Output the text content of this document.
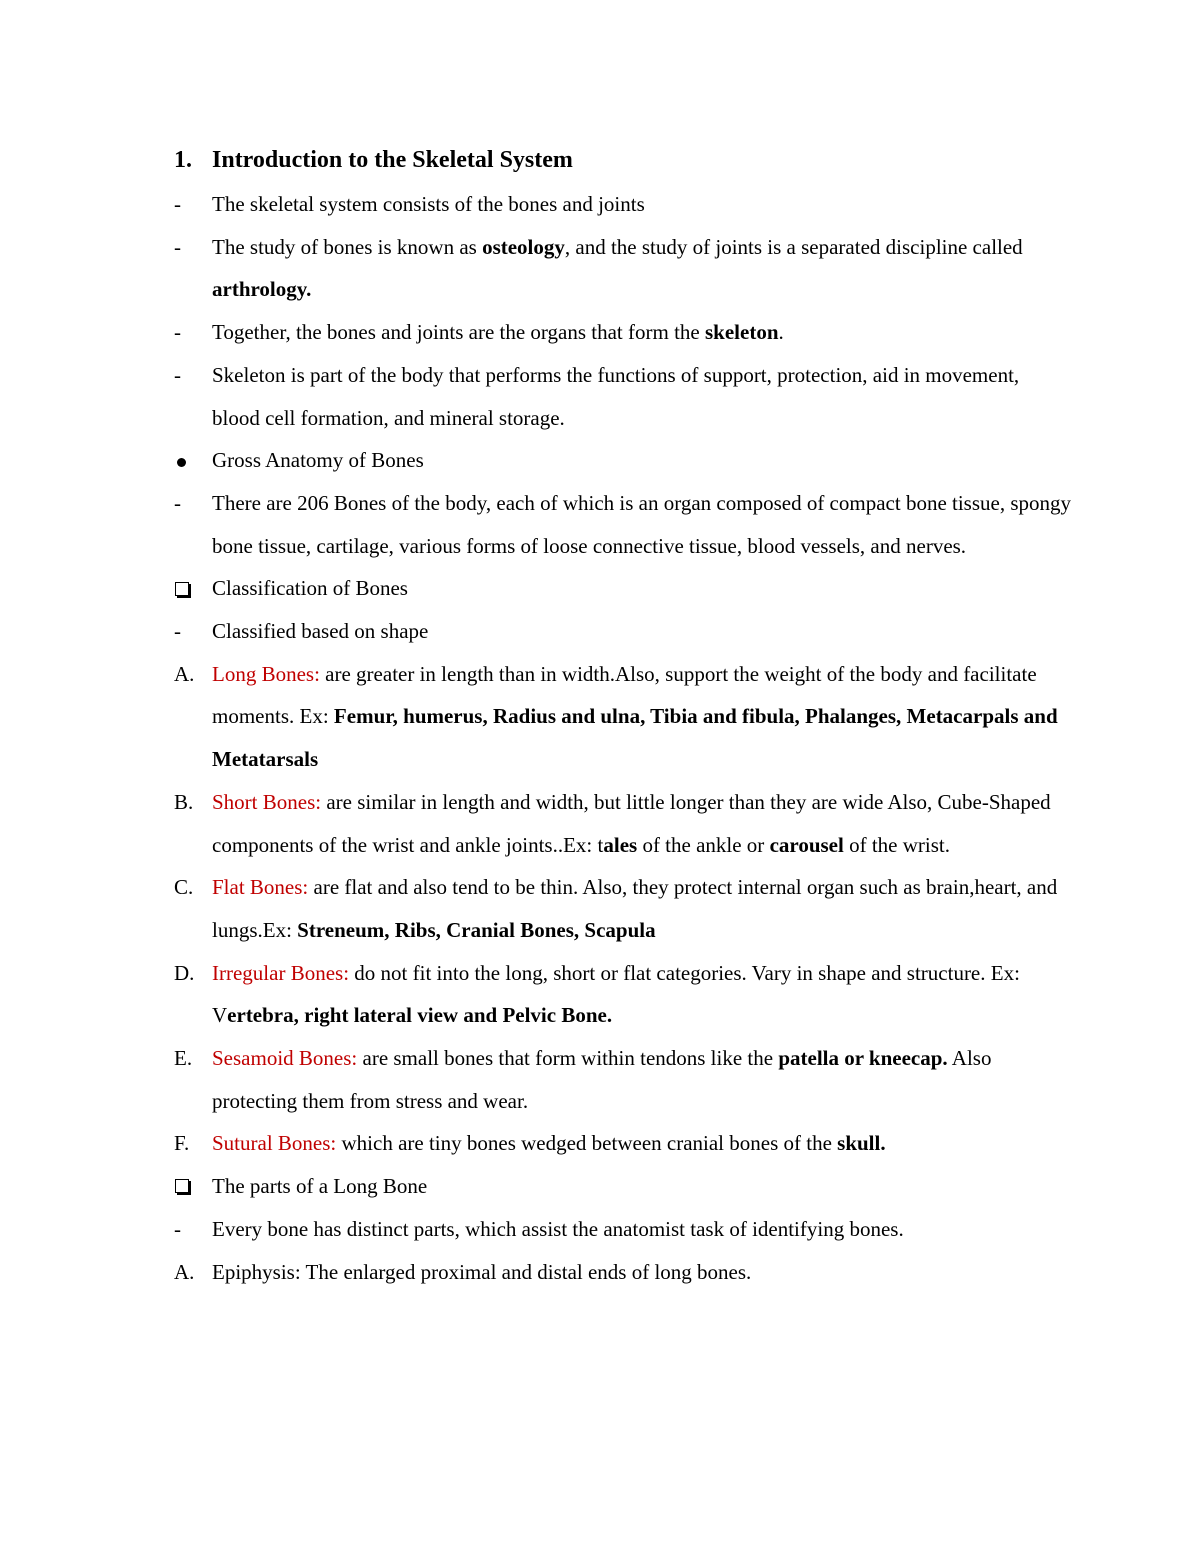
1. Introduction to the Skeletal System
-	The skeletal system consists of the bones and joints
-	The study of bones is known as osteology, and the study of joints is a separated discipline called arthrology.
-	Together, the bones and joints are the organs that form the skeleton.
-	Skeleton is part of the body that performs the functions of support, protection, aid in movement, blood cell formation, and mineral storage.
Gross Anatomy of Bones
-	There are 206 Bones of the body, each of which is an organ composed of compact bone tissue, spongy bone tissue, cartilage, various forms of loose connective tissue, blood vessels, and nerves.
Classification of Bones
-	Classified based on shape
A. Long Bones: are greater in length than in width.Also, support the weight of the body and facilitate moments. Ex: Femur, humerus, Radius and ulna, Tibia and fibula, Phalanges, Metacarpals and Metatarsals
B. Short Bones: are similar in length and width, but little longer than they are wide Also, Cube-Shaped components of the wrist and ankle joints..Ex: tales of the ankle or carousel of the wrist.
C. Flat Bones: are flat and also tend to be thin. Also, they protect internal organ such as brain,heart, and lungs.Ex: Streneum, Ribs, Cranial Bones, Scapula
D. Irregular Bones: do not fit into the long, short or flat categories. Vary in shape and structure. Ex: Vertebra, right lateral view and Pelvic Bone.
E. Sesamoid Bones: are small bones that form within tendons like the patella or kneecap. Also protecting them from stress and wear.
F.	Sutural Bones: which are tiny bones wedged between cranial bones of the skull.
The parts of a Long Bone
-	Every bone has distinct parts, which assist the anatomist task of identifying bones.
A. Epiphysis: The enlarged proximal and distal ends of long bones.
